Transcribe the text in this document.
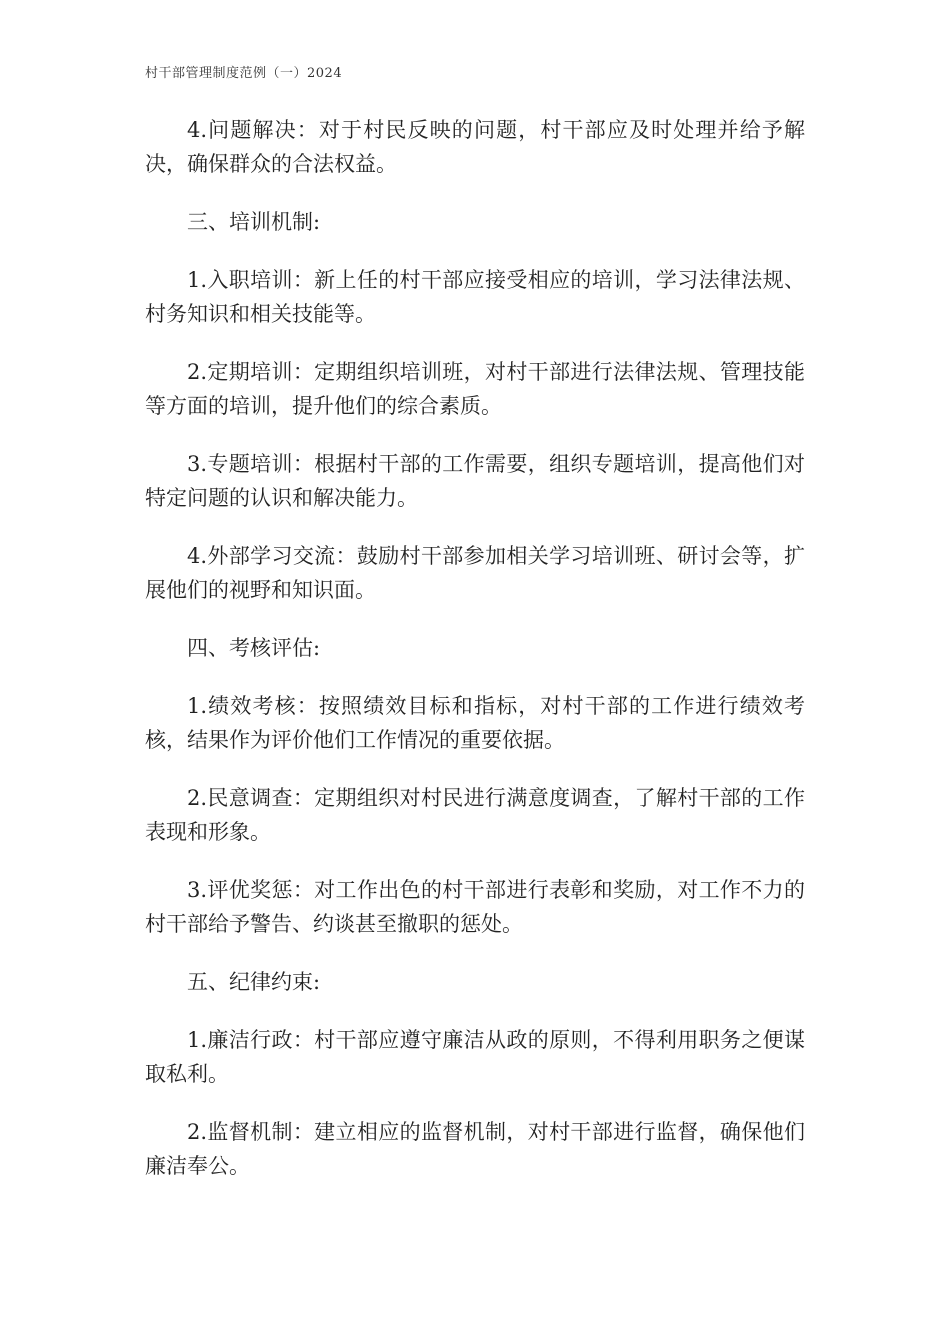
村干部管理制度范例（一）2024

4.问题解决：对于村民反映的问题，村干部应及时处理并给予解决，确保群众的合法权益。

三、培训机制:

1.入职培训：新上任的村干部应接受相应的培训，学习法律法规、村务知识和相关技能等。

2.定期培训：定期组织培训班，对村干部进行法律法规、管理技能等方面的培训，提升他们的综合素质。

3.专题培训：根据村干部的工作需要，组织专题培训，提高他们对特定问题的认识和解决能力。

4.外部学习交流：鼓励村干部参加相关学习培训班、研讨会等，扩展他们的视野和知识面。

四、考核评估:

1.绩效考核：按照绩效目标和指标，对村干部的工作进行绩效考核，结果作为评价他们工作情况的重要依据。

2.民意调查：定期组织对村民进行满意度调查，了解村干部的工作表现和形象。

3.评优奖惩：对工作出色的村干部进行表彰和奖励，对工作不力的村干部给予警告、约谈甚至撤职的惩处。

五、纪律约束:

1.廉洁行政：村干部应遵守廉洁从政的原则，不得利用职务之便谋取私利。

2.监督机制：建立相应的监督机制，对村干部进行监督，确保他们廉洁奉公。
